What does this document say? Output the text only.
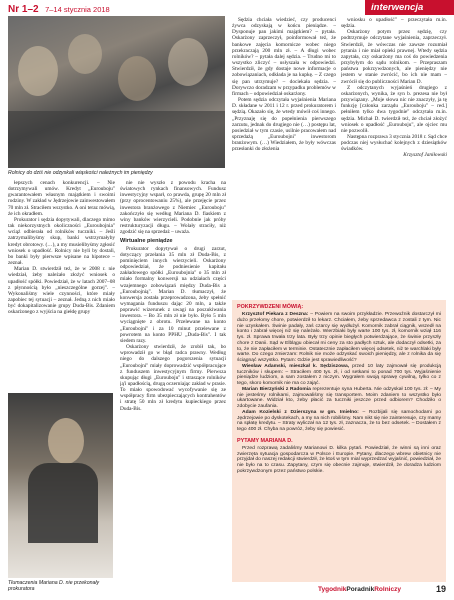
Nr 1–2 7–14 stycznia 2018	interwencja
Rolnicy do dziś nie odzyskali wiąskości należnych im pieniędzy

łepszych cenach konkurencji. – Nie dotrzymywali umów. Kredyt „Eurouboju" gwarantowałem własnym majątkiem i swoimi rodziny. W zakład w Jędrzejowie zainwestowałem 70 mln zł. Straciłem wszystko. A oni teraz mówią, że ich okradłem.

Prokurator i sędzia dopytywali, dlaczego mimo tak niekorzystnych okoliczności „Euroubojnia" wciąż odbierała od rolników tuczniki. – Jeśli zatrzymalibyśmy skup, banki wstrzymałyby kredyt obrotowy. (…), a my musielibyśmy zgłosić wniosek o upadłość. Rolnicy nie byli by dostali, bo banki były pierwsze wpisane na hipotece – zeznał.

Marian D. stwierdził też, że w 2008 r. nie wiedział, żeby należało złożyć wniosek o upadłość spółki. Powiedział, że w latach 2007–08 z płynnością było „nieszczególne gorzej". – Wykonaliśmy wiele czynności, które miały zapobiec tej sytuacji – zeznał. Jedną z nich miało być dokapitalizowanie grupy Duda-Bis. Zdaniem oskarżonego z wyjścia na giełdę grupy

Tłumaczenia Mariana D. nie przekonały prokuratora

nie nie wyszło z powodu kracha na światowych rynkach finansowych. Fundusz inwestycyjny wsparł, co prawda, grupę 20 mln zł (przy oprocentowaniu 25%), ale przejęcie przez inwestora branżowego z Niemiec „Eurouboju" zakończyło się według Mariana D. fiaskiem z winy banków wierzycieli. Podobnie jak próby restrukturyzacji długu. – Wolały straciły, niż zgodzić się na sprzedaż – uważa.

Wirtualne pieniądze

Prokurator dopytywał o drugi zarzut, dotyczący przelania 35 mln zł Duda-Bis, z pominięciem innych wierzycieli. Oskarżony odpowiedział, że podniesienie kapitału zakładowego spółki „Euroubojnia" o 35 mln zł miało formalny konwersji na udziałach części wzajemnego zobowiązań między Duda-Bis a „Euroubojnią". Marian D. tłumaczył, że konwersja została przeprowadzona, żeby spełnić wymagania funduszu dając 20 mln, a także poprawić wizerunek z uwagi na poszukiwania inwestora. – Bo 35 mln zł nie było. Było 5 mln wyciągnięte z obrotu. Przelewane na konto „Euroubojni" i za 10 minut przelewane z powrotem na konto PPHU „Duda-Bis". I tak siedem razy.

Oskarżony stwierdził, że zrobił tak, bo wprowadził go w błąd radca prawny. Według niego do dalszego pogorszenia sytuacji „Euroubojni" miały doprowadzić współpracujące z funduszem inwestycyjnym firmy. Pierwsza skupując długi „Eurouboju" i straszące rolników ją'i upadłością, drugą oczerniając zakład w prasie. To miało spowodować wycofywanie się ze współpracy firm ubezpieczających kontrahentów i stratę 50 mln zł kredytu kupieckiego przez Duda-Bis.

Sędzia chciała wiedzieć, czy producenci żywca odzyskają w końcu pieniądze. – Dysponuje pan jakimi majątkiem? – pytała. Oskarżony zaprzeczył, poinformował też, że bankowe zajęcia komornicze wobec niego przekraczają 200 mln zł. – A długi wobec rolników? – pytała dalej sędzia. – Trudno mi to wszystko zliczyć – usłyszała w odpowiedzi. Stwierdził, że gdy dostaje nowe informacje o zobowiązaniach, odkłada je na kupkę. – Z czego się pan utrzymuje? – dociekała sędzia. – Dorywczo doradzam w przypadku problemów w firmach – odpowiedział oskarżony.

Potem sędzia odczytała wyjaśnienia Mariana D. składane w 2011 i 12 r. przed prokuratorem i sędzią. Okazało się, że wtedy mówił coś innego. „Przyznaję się do popełnienia pierwszego zarzutu, jednak do drugiego nie (…) postępu lat, posiedział w tym czasie, usilnie pracowałem nad sprzedażą „Euroubojni" inwestorom branżowym. (…) Wiedziałem, że były wówczas przesłanki do złożenia

wniosku o upadłość" – przeczytała m.in. sędzia.

Oskarżony potym przez sędzię, czy podtrzymuje odczytane wyjaśnienia, zaprzeczył. Stwierdził, że wówczas nie zawsze rozumiał pytania i nie miał opieki prawnej. Wtedy sędzia zapytała, czy oskarżony ma coś do powiedzenia przybyłym do sądu rolnikom. – Przepraszam państwa pokrzywdzonych, ale pieniędzy nie jestem w stanie zwrócić, bo ich nie mam – zwrócił się do publiczności Marian D.

Z odczytanych wyjaśnień drugiego z oskarżonych, wynika, że syn b. prezesa nie był przywiązany. „Moje słowa nic nie znaczyły, ja tę funkcję [członka zarządu „Eurouboju" – red.] pełniłem tylko dwa tygodnie" odczytała m.in. sędzia. Michał D. twierdził też, że chciał złożyć wniosek o upadłość „Eurouboju", ale ojciec mu nie pozwolił.

Następna rozprawa 3 stycznia 2018 r. Sąd chce podczas niej wysłuchać kolejnych z dziesiątków świadków.

Krzysztof Janiłowski
POKRZYWDZENI MÓWIĄ:

Krzysztof Piekara z Deszna: – Powiem na swoim przykładzie. Przewoźnik dostarczył mi dużo przełomy chore, potwierdził to lekarz. Chciałem, żeby sprzedawca z zostali z tym. Nic nie uzyskałem. Świnie padały, zaś czarcy się wydłużył. Komornik zabrał ciągnik, wszedł na konto i zabrał więcej niż się należało. Wierzbiaki były warte 100 tys. zł, komornik wziął 116 tys. zł. Sprawa trwała trzy lata. Były trzy opinie biegłych potwierdzające, że świnie przyszły chore z Danii. Sąd w Elblągu obiecał mi ceny za sto padłych sztuk, ale dodaczył odsetki, za to, że nie zapłaciłem w terminie. Ostatecznie zapłaciłem więcej odsetek, niż te warchlaki były warte. Do czego zmierzam: Rolnik nie może odzyskać swoich pieniędzy, ale z rolnika da się ściągnąć wszystko. Pytam: Gdzie jest sprawiedliwość?

Wiesław Adamski, mieszkał k. Sędziszowa, przed 10 laty zajmował się produkcją tuczników i skupem: – Straciłem 400 tys. zł, i od setkami to ponad 700 tys. Wyjaśnienie pieniądze ludziom, a sam zostałem z niczym. Wygrałem swoją sprawę cywilną, tylko co z tego, skoro komornik nie ma co zająć.

Marian Bierzyński z Radomia reprezentuje syna Huberta. Nie odzyskał 100 tys. zł: – My nie jesteśmy rolnikami, zajmowaliśmy się transportem. Moim zdaniem to wszystko było ukartowane. Widział kto, żeby płacić za tuczniki jeszcze przed odbiorem? Chodziło o zdobycie zaufania.

Adam Kozielski z Dzierszyna w gm. Imielno: – Rozbijali się samochodami po Jędrzejowie po dyskotekach, a my na nich robiliśmy. Nam nikt się nie zainteresuje, czy mamy na spłatę kredytu. – Straty wyliczał na 12 tys. zł, zaznacza, że to bez odsetek. – Dostałem z tego 400 zł. Chyba na powróz, żeby się powiesić.

PYTAMY MARIANA D.

Przed rozprawą zadaliśmy Marianowi D. kilka pytań. Powiedział, że winni są inni oraz zwierzęta sytuacja gospodarcza w Polsce i Europie. Pytany, dlaczego wbrew obietnicy nie przyjdał do naszej redakcji stwierdził, że ktoś w tym mial wyprzedzać wyjaśnić, powiedział, że nie było na to czasu. Zapytany, czym się obecnie zajmuje, stwierdził, że doradza ludziom pokrzywdzonym przez państwo polskie.

TygodnikPoradnikRolniczy	19
